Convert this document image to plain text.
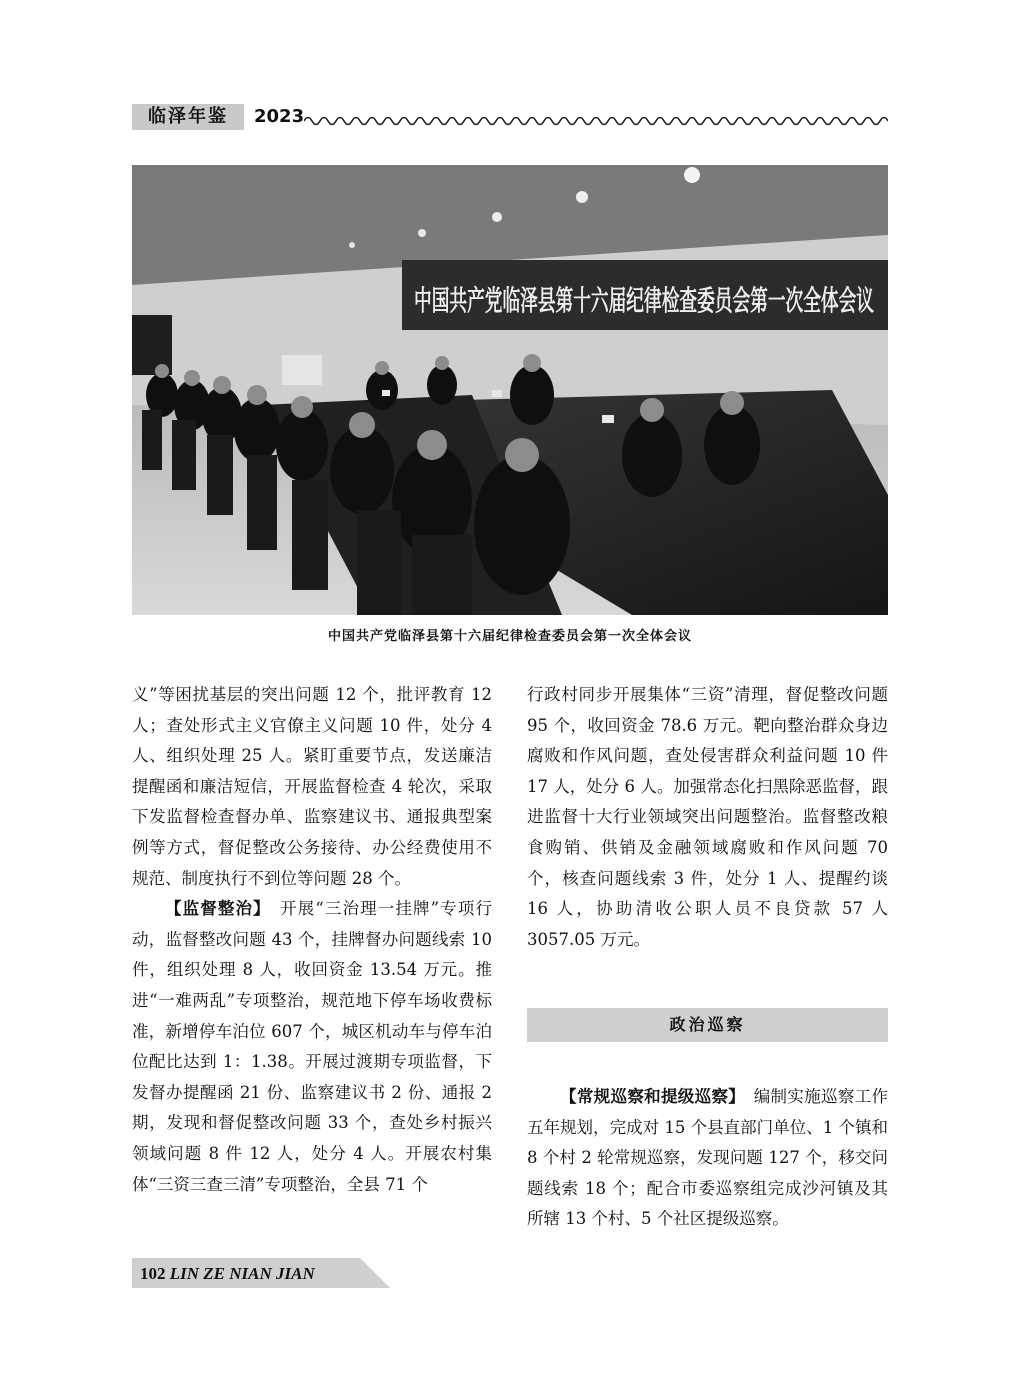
临泽年鉴	2023
中国共产党临泽县第十六届纪律检查委员会第一次全体会议
中国共产党临泽县第十六届纪律检查委员会第一次全体会议

义”等困扰基层的突出问题 12 个，批评教育 12 人；查处形式主义官僚主义问题 10 件，处分 4 人、组织处理 25 人。紧盯重要节点，发送廉洁提醒函和廉洁短信，开展监督检查 4 轮次，采取下发监督检查督办单、监察建议书、通报典型案例等方式，督促整改公务接待、办公经费使用不规范、制度执行不到位等问题 28 个。

【监督整治】　 开展“三治理一挂牌”专项行动，监督整改问题 43 个，挂牌督办问题线索 10 件，组织处理 8 人，收回资金 13.54 万元。推进“一难两乱”专项整治，规范地下停车场收费标准，新增停车泊位 607 个，城区机动车与停车泊位配比达到 1：1.38。开展过渡期专项监督，下发督办提醒函 21 份、监察建议书 2 份、通报 2 期，发现和督促整改问题 33 个，查处乡村振兴领域问题 8 件 12 人，处分 4 人。开展农村集体“三资三查三清”专项整治，全县 71 个

行政村同步开展集体“三资”清理，督促整改问题 95 个，收回资金 78.6 万元。靶向整治群众身边腐败和作风问题，查处侵害群众利益问题 10 件 17 人，处分 6 人。加强常态化扫黑除恶监督，跟进监督十大行业领域突出问题整治。监督整改粮食购销、供销及金融领域腐败和作风问题 70 个，核查问题线索 3 件，处分 1 人、提醒约谈 16 人，协助清收公职人员不良贷款 57 人 3057.05 万元。

政治巡察

【常规巡察和提级巡察】　 编制实施巡察工作五年规划，完成对 15 个县直部门单位、1 个镇和 8 个村 2 轮常规巡察，发现问题 127 个，移交问题线索 18 个；配合市委巡察组完成沙河镇及其所辖 13 个村、5 个社区提级巡察。

102 LIN ZE NIAN JIAN
